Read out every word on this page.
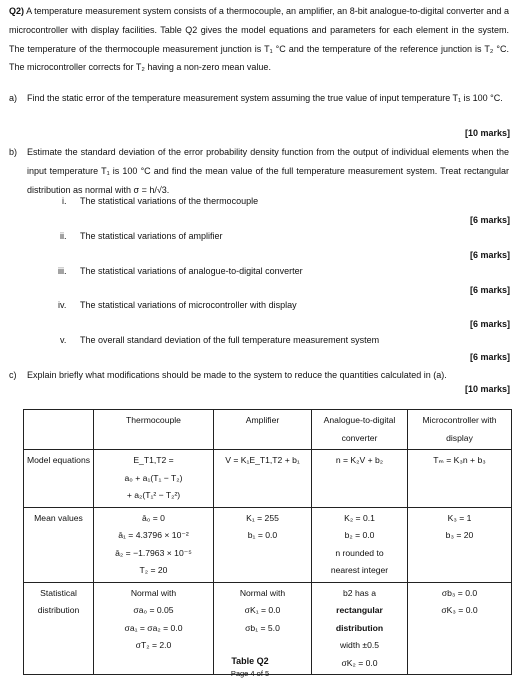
Q2) A temperature measurement system consists of a thermocouple, an amplifier, an 8-bit analogue-to-digital converter and a microcontroller with display facilities. Table Q2 gives the model equations and parameters for each element in the system. The temperature of the thermocouple measurement junction is T₁ °C and the temperature of the reference junction is T₂ °C. The microcontroller corrects for T₂ having a non-zero mean value.
a) Find the static error of the temperature measurement system assuming the true value of input temperature T₁ is 100 °C.
[10 marks]
b) Estimate the standard deviation of the error probability density function from the output of individual elements when the input temperature T₁ is 100 °C and find the mean value of the full temperature measurement system. Treat rectangular distribution as normal with σ = h/√3.
i.	The statistical variations of the thermocouple
[6 marks]
ii.	The statistical variations of amplifier
[6 marks]
iii.	The statistical variations of analogue-to-digital converter
[6 marks]
iv.	The statistical variations of microcontroller with display
[6 marks]
v.	The overall standard deviation of the full temperature measurement system
[6 marks]
c) Explain briefly what modifications should be made to the system to reduce the quantities calculated in (a).
[10 marks]
	Thermocouple	Amplifier	Analogue-to-digital converter	Microcontroller with display
Model equations	E_T1,T2 =
a₀ + a₁(T₁ − T₂)
+ a₂(T₁² − T₂²)	V = K₁E_T1,T2 + b₁	n = K₂V + b₂	Tₘ = K₃n + b₃

Mean values	ā₀ = 0
ā₁ = 4.3796 × 10⁻²
ā₂ = −1.7963 × 10⁻⁵
T₂ = 20	K₁ = 255
b₁ = 0.0	K₂ = 0.1
b₂ = 0.0
n rounded to
nearest integer	K₃ = 1
b₃ = 20

Statistical distribution	Normal with
σa₀ = 0.05
σa₁ = σa₂ = 0.0
σT₂ = 2.0	Normal with
σK₁ = 0.0
σb₁ = 5.0	b2 has a
rectangular
distribution
width ±0.5
σK₂ = 0.0	σb₃ = 0.0
σK₃ = 0.0
Table Q2
Page 4 of 5
